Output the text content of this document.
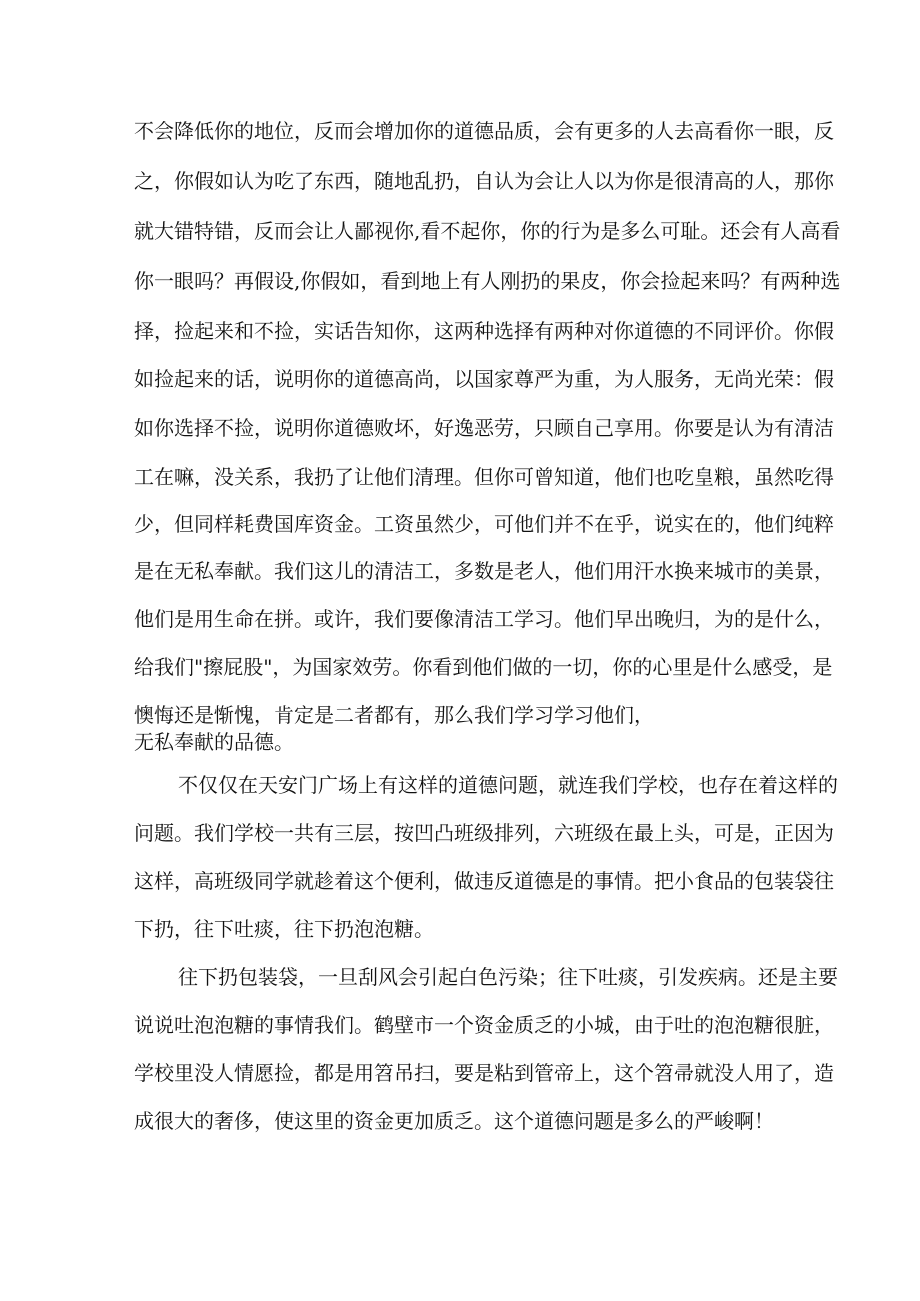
不会降低你的地位，反而会增加你的道德品质，会有更多的人去高看你一眼，反
之，你假如认为吃了东西，随地乱扔，自认为会让人以为你是很清高的人，那你
就大错特错，反而会让人鄙视你,看不起你，你的行为是多么可耻。还会有人高看
你一眼吗？再假设,你假如，看到地上有人刚扔的果皮，你会捡起来吗？有两种选
择，捡起来和不捡，实话告知你，这两种选择有两种对你道德的不同评价。你假
如捡起来的话，说明你的道德高尚，以国家尊严为重，为人服务，无尚光荣：假
如你选择不捡，说明你道德败坏，好逸恶劳，只顾自己享用。你要是认为有清洁
工在嘛，没关系，我扔了让他们清理。但你可曾知道，他们也吃皇粮，虽然吃得
少，但同样耗费国库资金。工资虽然少，可他们并不在乎，说实在的，他们纯粹
是在无私奉献。我们这儿的清洁工，多数是老人，他们用汗水换来城市的美景，
他们是用生命在拼。或许，我们要像清洁工学习。他们早出晚归，为的是什么，
给我们"擦屁股"，为国家效劳。你看到他们做的一切，你的心里是什么感受，是
懊悔还是惭愧，肯定是二者都有，那么我们学习学习他们，
无私奉献的品德。
不仅仅在天安门广场上有这样的道德问题，就连我们学校，也存在着这样的
问题。我们学校一共有三层，按凹凸班级排列，六班级在最上头，可是，正因为
这样，高班级同学就趁着这个便利，做违反道德是的事情。把小食品的包装袋往
下扔，往下吐痰，往下扔泡泡糖。
往下扔包装袋，一旦刮风会引起白色污染；往下吐痰，引发疾病。还是主要
说说吐泡泡糖的事情我们。鹤壁市一个资金质乏的小城，由于吐的泡泡糖很脏，
学校里没人情愿捡，都是用笤吊扫，要是粘到管帝上，这个笤帚就没人用了，造
成很大的奢侈，使这里的资金更加质乏。这个道德问题是多么的严峻啊！
